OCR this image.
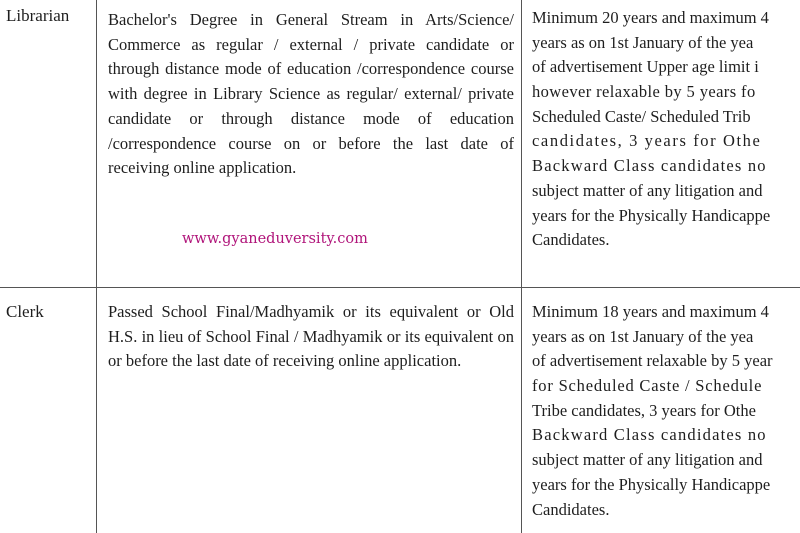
Librarian Bachelor's Degree in General Stream in Arts/Science/ Commerce as regular / external / private candidate or through distance mode of education /correspondence course with degree in Library Science as regular/ external/ private candidate or through distance mode of education /correspondence course on or before the last date of receiving online application.

Minimum 20 years and maximum 4
years as on 1st January of the yea
of advertisement Upper age limit i
however relaxable by 5 years fo
Scheduled Caste/ Scheduled Trib
candidates, 3 years for Othe
Backward Class candidates no
subject matter of any litigation and
years for the Physically Handicappe
Candidates.
www.gyaneduversity.com
Clerk	Passed School Final/Madhyamik or its equivalent or Old H.S. in lieu of School Final / Madhyamik or its equivalent on or before the last date of receiving online application.

Minimum 18 years and maximum 4
years as on 1st January of the yea
of advertisement relaxable by 5 year
for Scheduled Caste / Schedule
Tribe candidates, 3 years for Othe
Backward Class candidates no
subject matter of any litigation and
years for the Physically Handicappe
Candidates.
